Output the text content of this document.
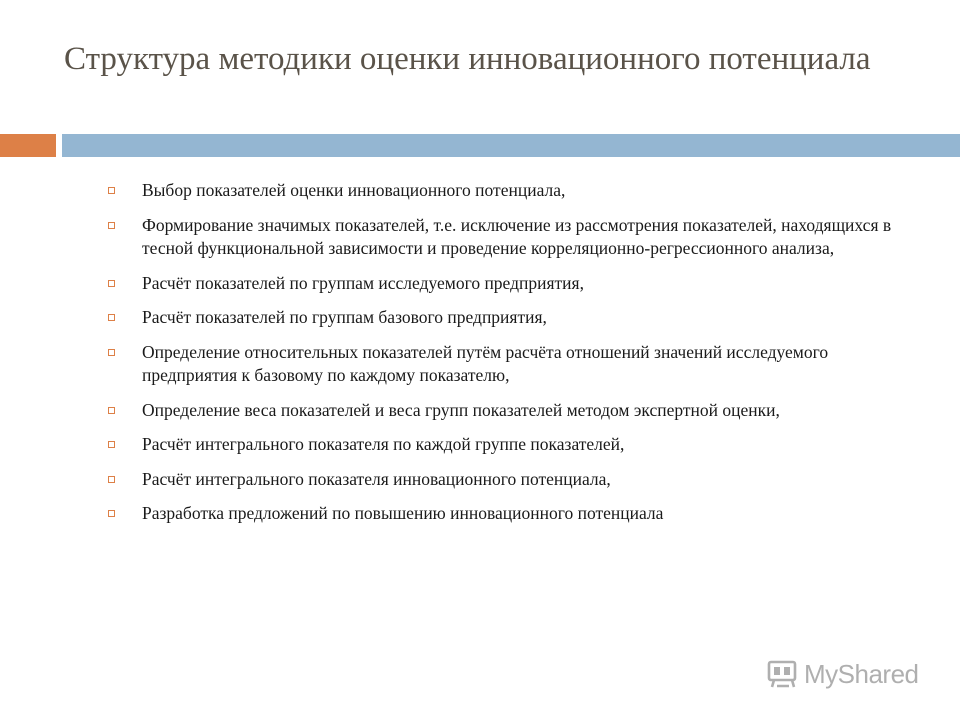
Структура методики оценки инновационного потенциала
Выбор показателей оценки инновационного потенциала,
Формирование значимых показателей, т.е. исключение из рассмотрения показателей, находящихся в тесной функциональной зависимости и проведение корреляционно-регрессионного анализа,
Расчёт показателей по группам исследуемого предприятия,
Расчёт показателей по группам базового предприятия,
Определение относительных показателей путём расчёта отношений значений исследуемого предприятия к базовому по каждому показателю,
Определение веса показателей и веса групп показателей методом экспертной оценки,
Расчёт интегрального показателя по каждой группе показателей,
Расчёт интегрального показателя инновационного потенциала,
Разработка предложений по повышению инновационного потенциала
MyShared
